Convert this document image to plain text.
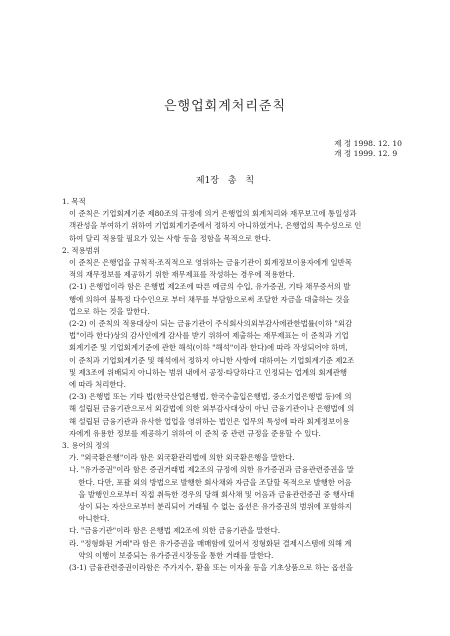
은행업회계처리준칙
제 정 1998. 12. 10
개 정 1999. 12. 9
제1장 총 칙
1. 목적
이 준칙은 기업회계기준 제80조의 규정에 의거 은행업의 회계처리와 재무보고에 통일성과
객관성을 부여하기 위하여 기업회계기준에서 정하지 아니하였거나, 은행업의 특수성으로 인
하여 달리 적용할 필요가 있는 사항 등을 정함을 목적으로 한다.
2. 적용범위
이 준칙은 은행업을 규칙적·조직적으로 영위하는 금융기관이 회계정보이용자에게 일반목
적의 재무정보를 제공하기 위한 재무제표를 작성하는 경우에 적용한다.
(2-1) 은행업이라 함은 은행법 제2조에 따른 예금의 수입, 유가증권, 기타 채무증서의 발
행에 의하여 불특정 다수인으로 부터 채무를 부담함으로써 조달한 자금을 대출하는 것을
업으로 하는 것을 말한다.
(2-2) 이 준칙의 적용대상이 되는 금융기관이 주식회사의외부감사에관한법률(이하 "외감
법"이라 한다)상의 감사인에게 감사를 받기 위하여 제출하는 재무제표는 이 준칙과 기업
회계기준 및 기업회계기준에 관한 해석(이하 "해석"이라 한다)에 따라 작성되어야 하며,
이 준칙과 기업회계기준 및 해석에서 정하지 아니한 사항에 대하여는 기업회계기준 제2조
및 제3조에 위배되지 아니하는 범위 내에서 공정·타당하다고 인정되는 업계의 회계관행
에 따라 처리한다.
(2-3) 은행법 또는 기타 법(한국산업은행법, 한국수출입은행법, 중소기업은행법 등)에 의
해 설립된 금융기관으로서 외감법에 의한 외부감사대상이 아닌 금융기관이나 은행법에 의
해 설립된 금융기관과 유사한 업업을 영위하는 법인은 업무의 특성에 따라 회계정보이용
자에게 유용한 정보를 제공하기 위하여 이 준칙 중 관련 규정을 준용할 수 있다.
3. 용어의 정의
가. "외국환은행"이라 함은 외국환관리법에 의한 외국환은행을 말한다.
나. "유가증권"이라 함은 증권거래법 제2조의 규정에 의한 유가증권과 금융관련증권을 말
한다. 다만, 포괄 외의 방법으로 발행한 회사채와 자금을 조달할 목적으로 발행한 어음
을 발행인으로부터 직접 취득한 경우의 당해 회사채 및 어음과 금융관련증권 중 행사대
상이 되는 자산으로부터 분리되어 거래될 수 없는 옵션은 유가증권의 범위에 포함하지
아니한다.
다. "금융기관"이라 함은 은행법 제2조에 의한 금융기관을 말한다.
라. "정형화된 거래"라 함은 유가증권을 매매함에 있어서 정형화된 결제시스템에 의해 계
약의 이행이 보증되는 유가증권시장등을 통한 거래를 말한다.
(3-1) 금융관련증권이라함은 주가지수, 환율 또는 이자율 등을 기초상품으로 하는 옵션을
